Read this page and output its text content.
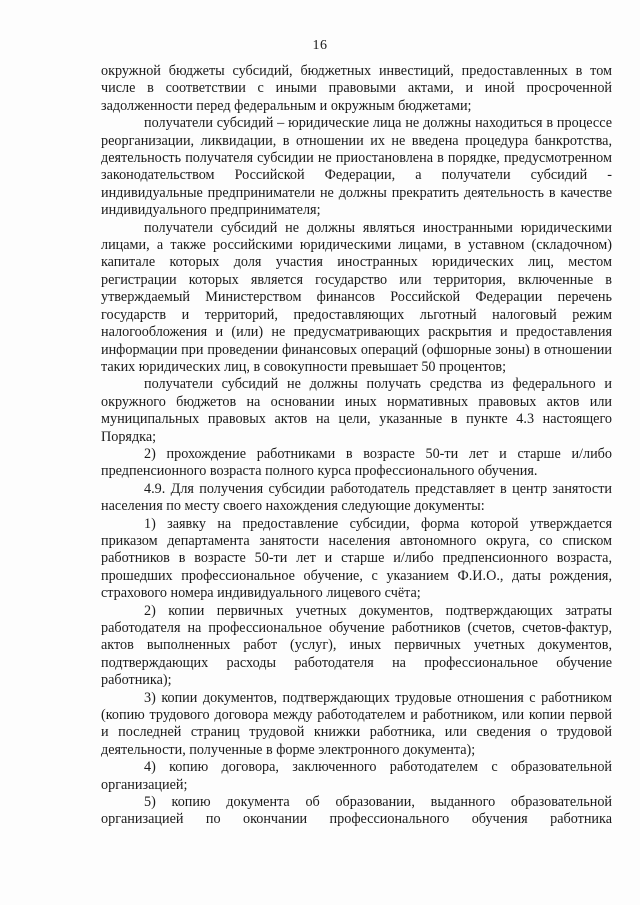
16

окружной бюджеты субсидий, бюджетных инвестиций, предоставленных в том числе в соответствии с иными правовыми актами, и иной просроченной задолженности перед федеральным и окружным бюджетами;

получатели субсидий – юридические лица не должны находиться в процессе реорганизации, ликвидации, в отношении их не введена процедура банкротства, деятельность получателя субсидии не приостановлена в порядке, предусмотренном законодательством Российской Федерации, а получатели субсидий - индивидуальные предприниматели не должны прекратить деятельность в качестве индивидуального предпринимателя;

получатели субсидий не должны являться иностранными юридическими лицами, а также российскими юридическими лицами, в уставном (складочном) капитале которых доля участия иностранных юридических лиц, местом регистрации которых является государство или территория, включенные в утверждаемый Министерством финансов Российской Федерации перечень государств и территорий, предоставляющих льготный налоговый режим налогообложения и (или) не предусматривающих раскрытия и предоставления информации при проведении финансовых операций (офшорные зоны) в отношении таких юридических лиц, в совокупности превышает 50 процентов;

получатели субсидий не должны получать средства из федерального и окружного бюджетов на основании иных нормативных правовых актов или муниципальных правовых актов на цели, указанные в пункте 4.3 настоящего Порядка;

2) прохождение работниками в возрасте 50-ти лет и старше и/либо предпенсионного возраста полного курса профессионального обучения.

4.9. Для получения субсидии работодатель представляет в центр занятости населения по месту своего нахождения следующие документы:

1) заявку на предоставление субсидии, форма которой утверждается приказом департамента занятости населения автономного округа, со списком работников в возрасте 50-ти лет и старше и/либо предпенсионного возраста, прошедших профессиональное обучение, с указанием Ф.И.О., даты рождения, страхового номера индивидуального лицевого счёта;

2) копии первичных учетных документов, подтверждающих затраты работодателя на профессиональное обучение работников (счетов, счетов-фактур, актов выполненных работ (услуг), иных первичных учетных документов, подтверждающих расходы работодателя на профессиональное обучение работника);

3) копии документов, подтверждающих трудовые отношения с работником (копию трудового договора между работодателем и работником, или копии первой и последней страниц трудовой книжки работника, или сведения о трудовой деятельности, полученные в форме электронного документа);

4) копию договора, заключенного работодателем с образовательной организацией;

5) копию документа об образовании, выданного образовательной организацией по окончании профессионального обучения работника
